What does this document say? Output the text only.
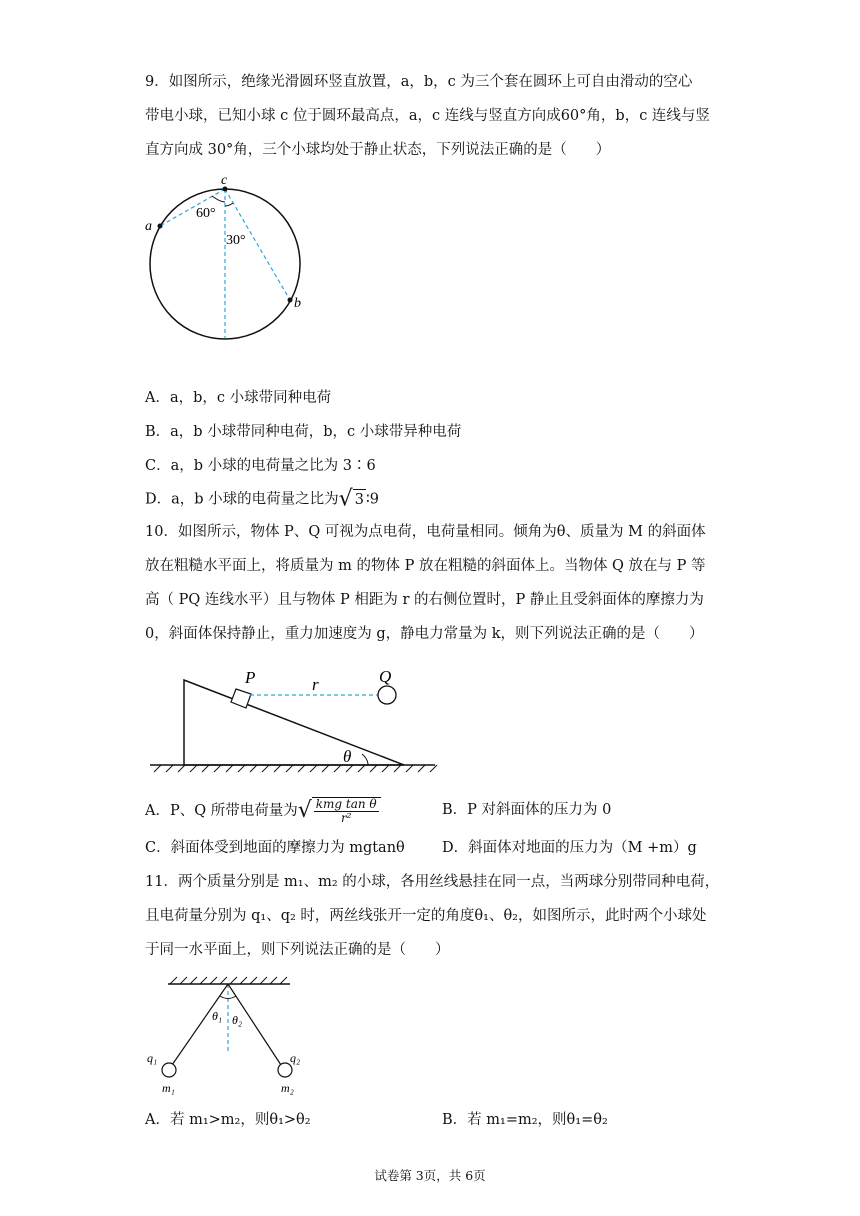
9．如图所示，绝缘光滑圆环竖直放置，a，b，c 为三个套在圆环上可自由滑动的空心
带电小球，已知小球 c 位于圆环最高点，a，c 连线与竖直方向成60°角，b，c 连线与竖
直方向成 30°角，三个小球均处于静止状态，下列说法正确的是（　　）
c
a
b
60°
30°
A．a，b，c 小球带同种电荷
B．a，b 小球带同种电荷，b，c 小球带异种电荷
C．a，b 小球的电荷量之比为 3∶6
D．a，b 小球的电荷量之比为√ 3 ∶9
10．如图所示，物体 P、Q 可视为点电荷，电荷量相同。倾角为θ、质量为 M 的斜面体
放在粗糙水平面上，将质量为 m 的物体 P 放在粗糙的斜面体上。当物体 Q 放在与 P 等
高（ PQ 连线水平）且与物体 P 相距为 r 的右侧位置时，P 静止且受斜面体的摩擦力为
0，斜面体保持静止，重力加速度为 g，静电力常量为 k，则下列说法正确的是（　　）
P	Q
r
θ
A．P、Q 所带电荷量为√ $\frac{\text{kmg tan θ}}{\text{r²}}$	B．P 对斜面体的压力为 0
C．斜面体受到地面的摩擦力为 mgtanθ	D．斜面体对地面的压力为（M +m）g
11．两个质量分别是 m₁、m₂ 的小球，各用丝线悬挂在同一点，当两球分别带同种电荷，
且电荷量分别为 q₁、q₂ 时，两丝线张开一定的角度θ₁、θ₂，如图所示，此时两个小球处
于同一水平面上，则下列说法正确的是（　　）
θ₁ θ₂
q₁	q₂
m₁	m₂
A．若 m₁>m₂，则θ₁>θ₂	B．若 m₁=m₂，则θ₁=θ₂
试卷第 3页，共 6页
